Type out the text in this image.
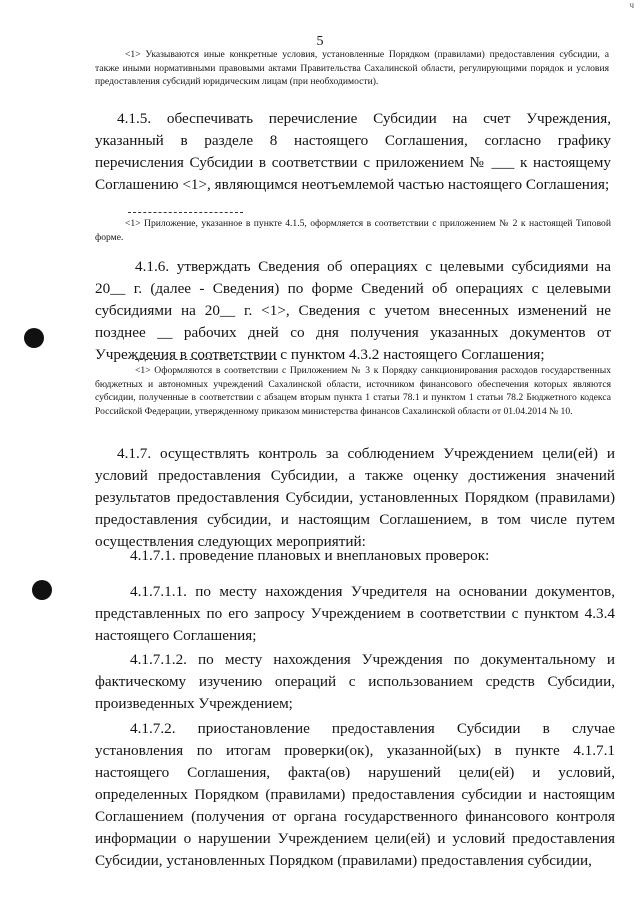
ч
5
<1> Указываются иные конкретные условия, установленные Порядком (правилами) предоставления субсидии, а также иными нормативными правовыми актами Правительства Сахалинской области, регулирующими порядок и условия предоставления субсидий юридическим лицам (при необходимости).
4.1.5. обеспечивать перечисление Субсидии на счет Учреждения, указанный в разделе 8 настоящего Соглашения, согласно графику перечисления Субсидии в соответствии с приложением № ___ к настоящему Соглашению <1>, являющимся неотъемлемой частью настоящего Соглашения;
<1> Приложение, указанное в пункте 4.1.5, оформляется в соответствии с приложением № 2 к настоящей Типовой форме.
4.1.6. утверждать Сведения об операциях с целевыми субсидиями на 20__ г. (далее - Сведения) по форме Сведений об операциях с целевыми субсидиями на 20__ г. <1>, Сведения с учетом внесенных изменений не позднее __ рабочих дней со дня получения указанных документов от Учреждения в соответствии с пунктом 4.3.2 настоящего Соглашения;
<1> Оформляются в соответствии с Приложением № 3 к Порядку санкционирования расходов государственных бюджетных и автономных учреждений Сахалинской области, источником финансового обеспечения которых являются субсидии, полученные в соответствии с абзацем вторым пункта 1 статьи 78.1 и пунктом 1 статьи 78.2 Бюджетного кодекса Российской Федерации, утвержденному приказом министерства финансов Сахалинской области от 01.04.2014 № 10.
4.1.7. осуществлять контроль за соблюдением Учреждением цели(ей) и условий предоставления Субсидии, а также оценку достижения значений результатов предоставления Субсидии, установленных Порядком (правилами) предоставления субсидии, и настоящим Соглашением, в том числе путем осуществления следующих мероприятий:
4.1.7.1. проведение плановых и внеплановых проверок:
4.1.7.1.1. по месту нахождения Учредителя на основании документов, представленных по его запросу Учреждением в соответствии с пунктом 4.3.4 настоящего Соглашения;
4.1.7.1.2. по месту нахождения Учреждения по документальному и фактическому изучению операций с использованием средств Субсидии, произведенных Учреждением;
4.1.7.2. приостановление предоставления Субсидии в случае установления по итогам проверки(ок), указанной(ых) в пункте 4.1.7.1 настоящего Соглашения, факта(ов) нарушений цели(ей) и условий, определенных Порядком (правилами) предоставления субсидии и настоящим Соглашением (получения от органа государственного финансового контроля информации о нарушении Учреждением цели(ей) и условий предоставления Субсидии, установленных Порядком (правилами) предоставления субсидии,
